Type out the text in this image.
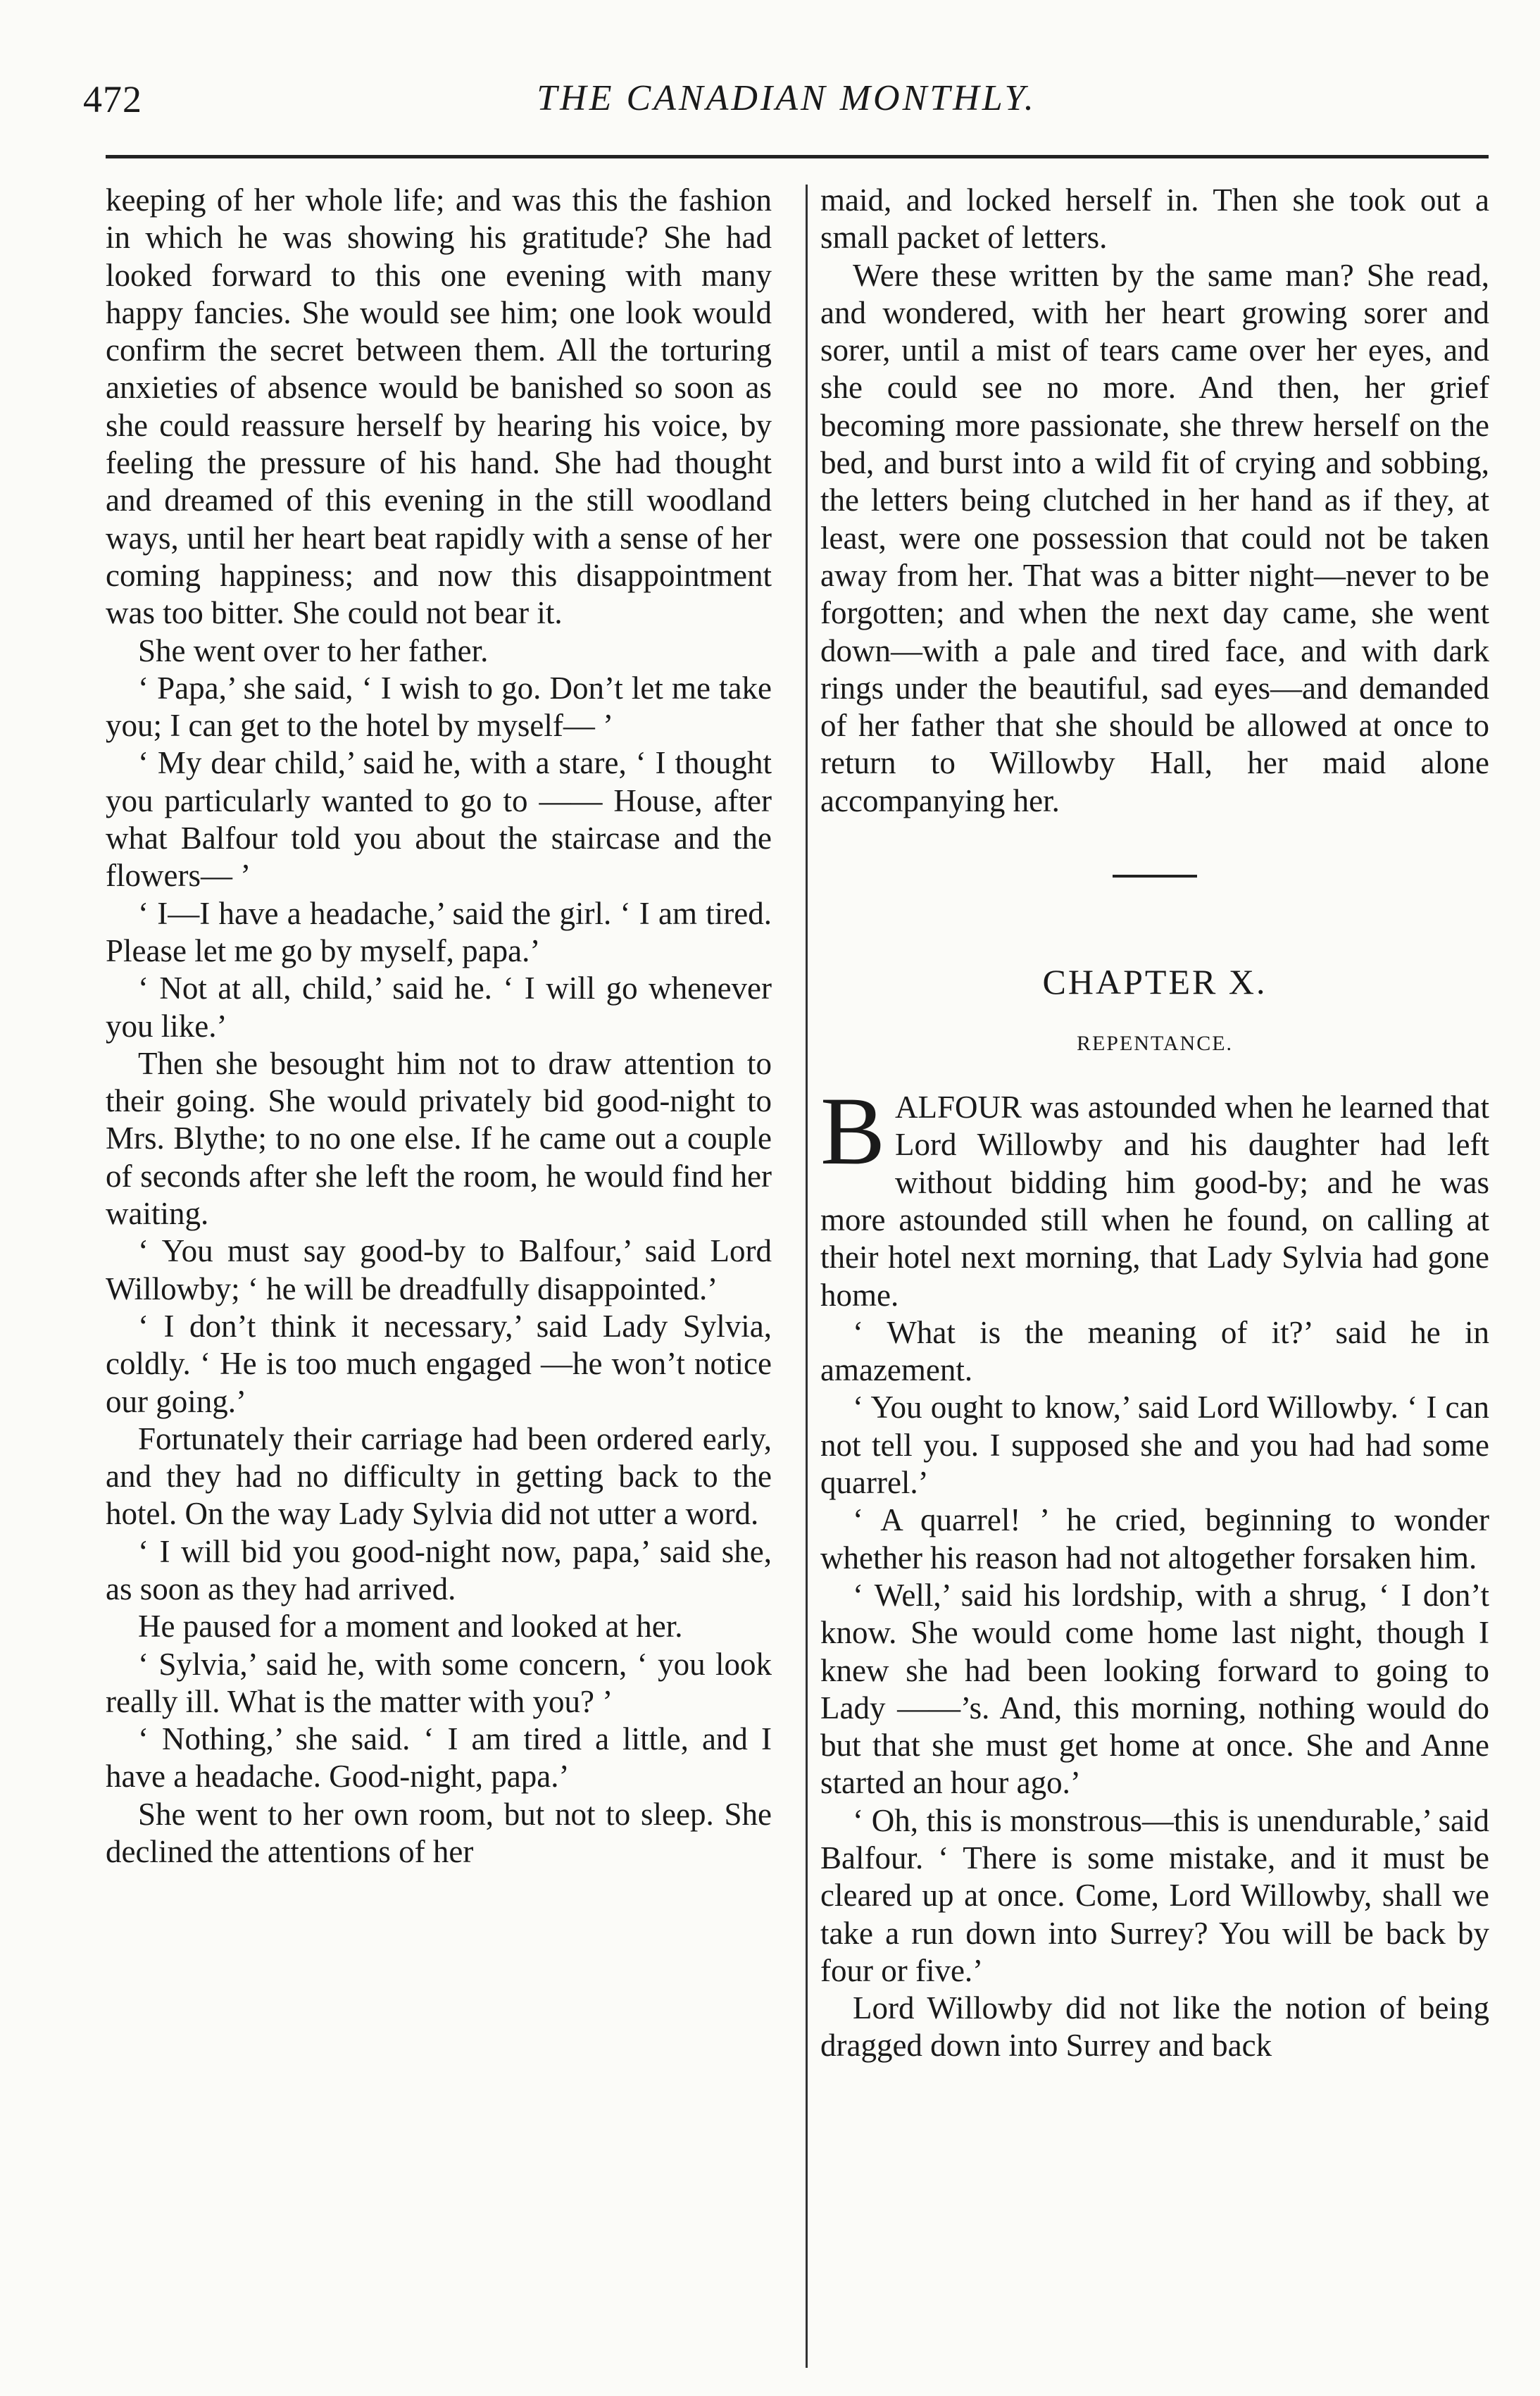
472	THE CANADIAN MONTHLY.

keeping of her whole life; and was this the fashion in which he was showing his gratitude? She had looked forward to this one evening with many happy fancies. She would see him; one look would confirm the secret between them. All the torturing anxieties of absence would be banished so soon as she could reassure herself by hearing his voice, by feeling the pressure of his hand. She had thought and dreamed of this evening in the still woodland ways, until her heart beat rapidly with a sense of her coming happiness; and now this disappointment was too bitter. She could not bear it.

She went over to her father.

‘ Papa,’ she said, ‘ I wish to go. Don’t let me take you; I can get to the hotel by myself— ’

‘ My dear child,’ said he, with a stare, ‘ I thought you particularly wanted to go to —— House, after what Balfour told you about the staircase and the flowers— ’

‘ I—I have a headache,’ said the girl. ‘ I am tired. Please let me go by myself, papa.’

‘ Not at all, child,’ said he. ‘ I will go whenever you like.’

Then she besought him not to draw attention to their going. She would privately bid good-night to Mrs. Blythe; to no one else. If he came out a couple of seconds after she left the room, he would find her waiting.

‘ You must say good-by to Balfour,’ said Lord Willowby; ‘ he will be dreadfully disappointed.’

‘ I don’t think it necessary,’ said Lady Sylvia, coldly. ‘ He is too much engaged —he won’t notice our going.’

Fortunately their carriage had been ordered early, and they had no difficulty in getting back to the hotel. On the way Lady Sylvia did not utter a word.

‘ I will bid you good-night now, papa,’ said she, as soon as they had arrived.

He paused for a moment and looked at her.

‘ Sylvia,’ said he, with some concern, ‘ you look really ill. What is the matter with you? ’

‘ Nothing,’ she said. ‘ I am tired a little, and I have a headache. Good-night, papa.’

She went to her own room, but not to sleep. She declined the attentions of her

maid, and locked herself in. Then she took out a small packet of letters.

Were these written by the same man? She read, and wondered, with her heart growing sorer and sorer, until a mist of tears came over her eyes, and she could see no more. And then, her grief becoming more passionate, she threw herself on the bed, and burst into a wild fit of crying and sobbing, the letters being clutched in her hand as if they, at least, were one possession that could not be taken away from her. That was a bitter night—never to be forgotten; and when the next day came, she went down—with a pale and tired face, and with dark rings under the beautiful, sad eyes—and demanded of her father that she should be allowed at once to return to Willowby Hall, her maid alone accompanying her.

CHAPTER X.
REPENTANCE.

BALFOUR was astounded when he learned that Lord Willowby and his daughter had left without bidding him good-by; and he was more astounded still when he found, on calling at their hotel next morning, that Lady Sylvia had gone home.

‘ What is the meaning of it?’ said he in amazement.

‘ You ought to know,’ said Lord Willowby. ‘ I can not tell you. I supposed she and you had had some quarrel.’

‘ A quarrel! ’ he cried, beginning to wonder whether his reason had not altogether forsaken him.

‘ Well,’ said his lordship, with a shrug, ‘ I don’t know. She would come home last night, though I knew she had been looking forward to going to Lady ——’s. And, this morning, nothing would do but that she must get home at once. She and Anne started an hour ago.’

‘ Oh, this is monstrous—this is unendurable,’ said Balfour. ‘ There is some mistake, and it must be cleared up at once. Come, Lord Willowby, shall we take a run down into Surrey? You will be back by four or five.’

Lord Willowby did not like the notion of being dragged down into Surrey and back
